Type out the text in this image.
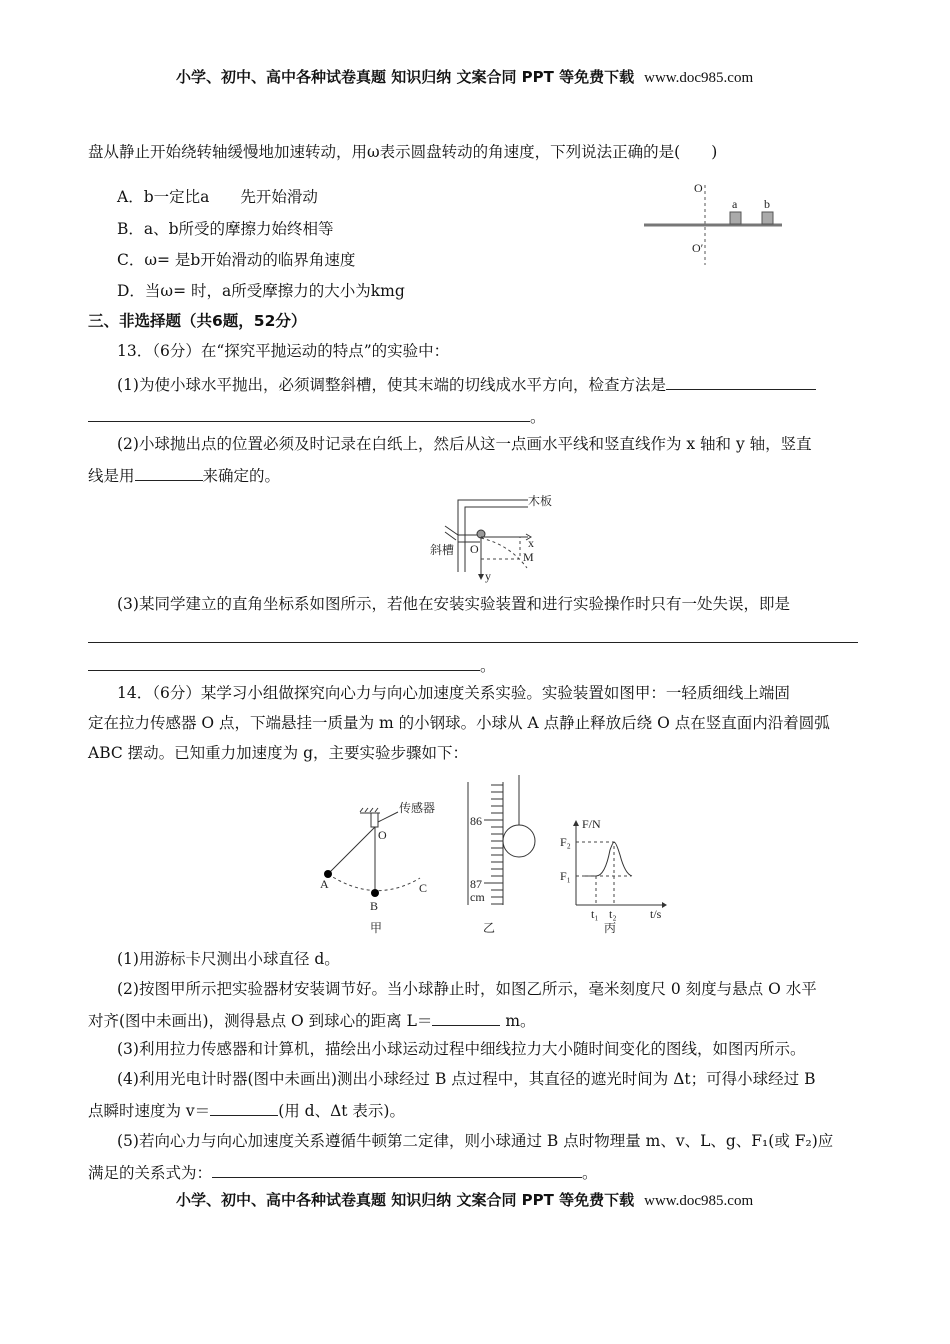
小学、初中、高中各种试卷真题 知识归纳 文案合同 PPT 等免费下载 www.doc985.com
盘从静止开始绕转轴缓慢地加速转动，用ω表示圆盘转动的角速度，下列说法正确的是(　　)
A．b一定比a　　先开始滑动
B．a、b所受的摩擦力始终相等
C．ω= 是b开始滑动的临界角速度
D．当ω= 时，a所受摩擦力的大小为kmg
O
O′
a b
三、非选择题（共6题，52分）
13．（6分）在“探究平抛运动的特点”的实验中：
(1)为使小球水平抛出，必须调整斜槽，使其末端的切线成水平方向，检查方法是
。
(2)小球抛出点的位置必须及时记录在白纸上，然后从这一点画水平线和竖直线作为 x 轴和 y 轴，竖直
线是用	来确定的。
木板
斜槽 O	x
y
M
(3)某同学建立的直角坐标系如图所示，若他在安装实验装置和进行实验操作时只有一处失误，即是
。
14．（6分）某学习小组做探究向心力与向心加速度关系实验。实验装置如图甲：一轻质细线上端固
定在拉力传感器 O 点，下端悬挂一质量为 m 的小钢球。小球从 A 点静止释放后绕 O 点在竖直面内沿着圆弧
ABC 摆动。已知重力加速度为 g，主要实验步骤如下：
传感器
O
A
B
C
甲
86
87
cm
乙
F/N
F₂
F₁
t₁ t₂	t/s
丙
(1)用游标卡尺测出小球直径 d。
(2)按图甲所示把实验器材安装调节好。当小球静止时，如图乙所示，毫米刻度尺 0 刻度与悬点 O 水平
对齐(图中未画出)，测得悬点 O 到球心的距离 L＝	m。
(3)利用拉力传感器和计算机，描绘出小球运动过程中细线拉力大小随时间变化的图线，如图丙所示。
(4)利用光电计时器(图中未画出)测出小球经过 B 点过程中，其直径的遮光时间为 Δt；可得小球经过 B
点瞬时速度为 v＝	(用 d、Δt 表示)。
(5)若向心力与向心加速度关系遵循牛顿第二定律，则小球通过 B 点时物理量 m、v、L、g、F₁(或 F₂)应
满足的关系式为：	。
小学、初中、高中各种试卷真题 知识归纳 文案合同 PPT 等免费下载 www.doc985.com
